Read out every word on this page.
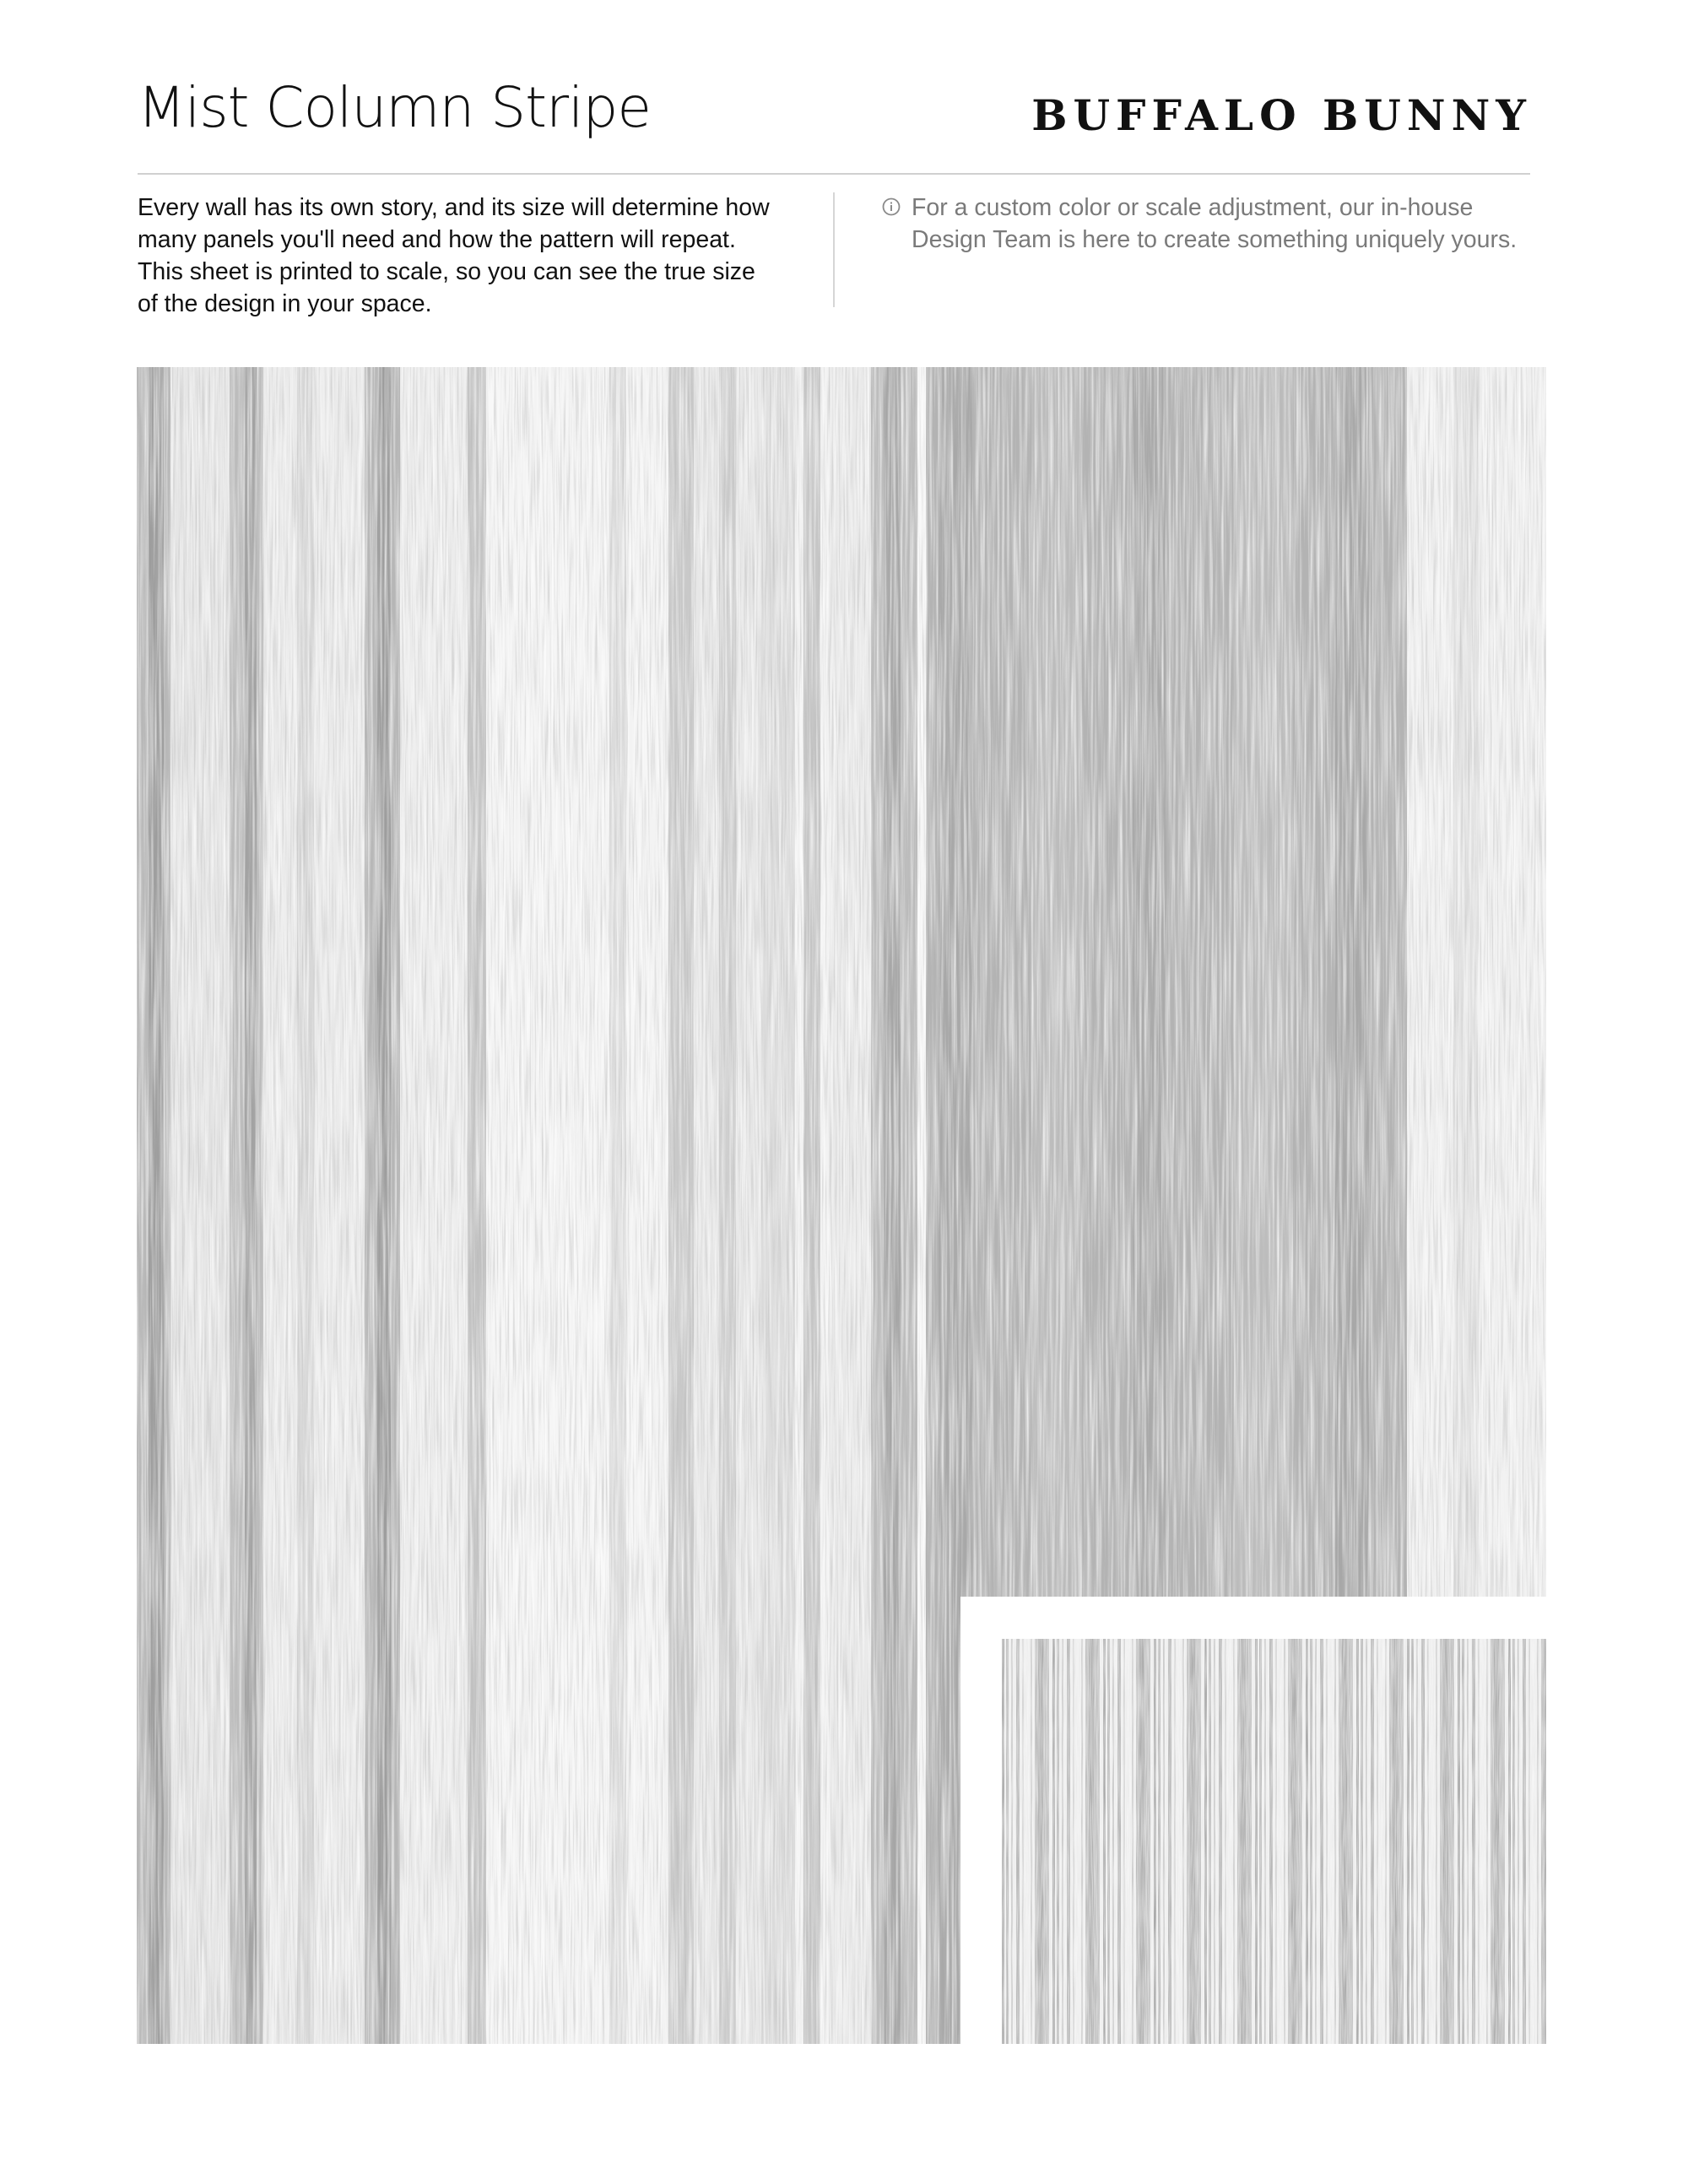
Mist Column Stripe	BUFFALO BUNNY

Every wall has its own story, and its size will determine how many panels you'll need and how the pattern will repeat. This sheet is printed to scale, so you can see the true size of the design in your space.

For a custom color or scale adjustment, our in-house Design Team is here to create something uniquely yours.
